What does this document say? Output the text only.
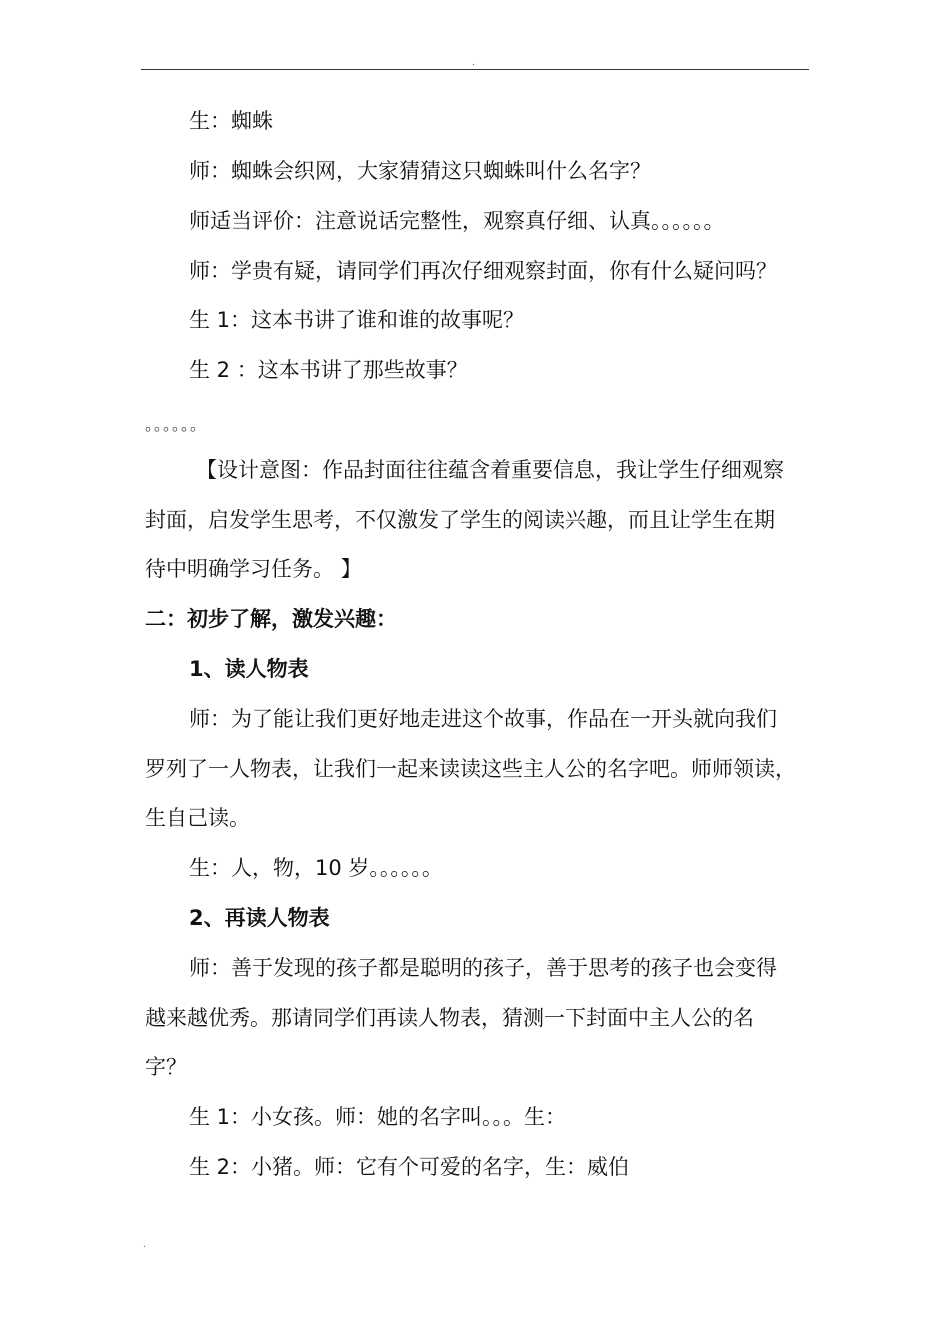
.
生：蜘蛛
师：蜘蛛会织网，大家猜猜这只蜘蛛叫什么名字？
师适当评价：注意说话完整性，观察真仔细、认真。。。。。。
师：学贵有疑，请同学们再次仔细观察封面，你有什么疑问吗？
生 1：这本书讲了谁和谁的故事呢？
生 2 ：这本书讲了那些故事？
。。。。。。
【设计意图：作品封面往往蕴含着重要信息，我让学生仔细观察
封面，启发学生思考，不仅激发了学生的阅读兴趣，而且让学生在期
待中明确学习任务。 】
二：初步了解，激发兴趣：
1、读人物表
师：为了能让我们更好地走进这个故事，作品在一开头就向我们
罗列了一人物表，让我们一起来读读这些主人公的名字吧。师师领读，
生自己读。
生：人，物，10 岁。。。。。。
2、再读人物表
师：善于发现的孩子都是聪明的孩子，善于思考的孩子也会变得
越来越优秀。那请同学们再读人物表，猜测一下封面中主人公的名
字？
生 1：小女孩。师：她的名字叫。。。生：
生 2：小猪。师：它有个可爱的名字，生：威伯
.
